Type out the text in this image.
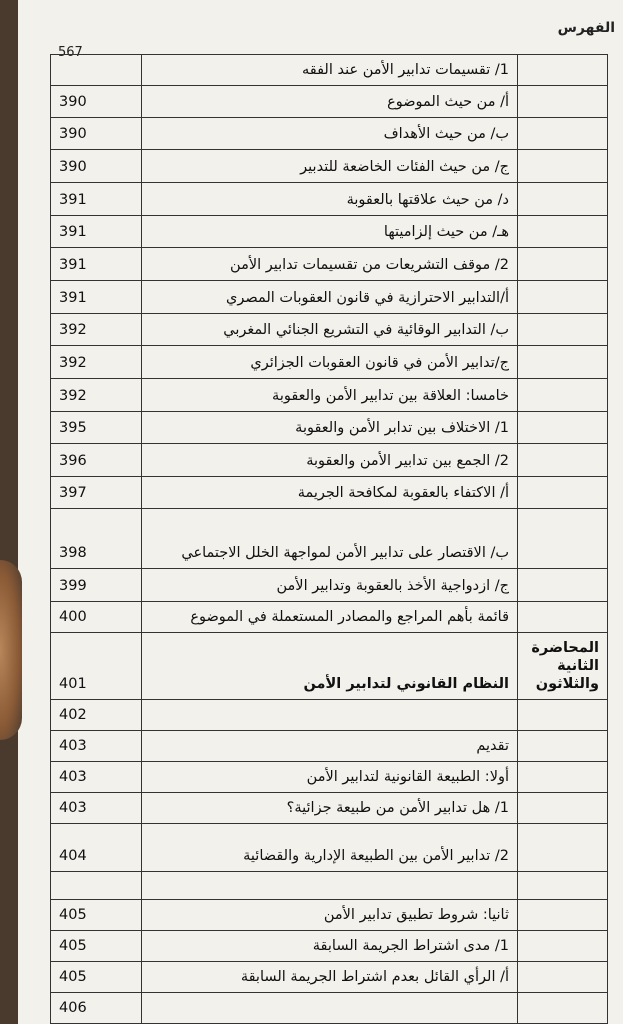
الفهرس
567
	1/ تقسيمات تدابير الأمن عند الفقه	
	أ/ من حيث الموضوع	390
	ب/ من حيث الأهداف	390
	ج/ من حيث الفئات الخاضعة للتدبير	390
	د/ من حيث علاقتها بالعقوبة	391
	هـ/ من حيث إلزاميتها	391
	2/ موقف التشريعات من تقسيمات تدابير الأمن	391
	أ/التدابير الاحترازية في قانون العقوبات المصري	391
	ب/ التدابير الوقائية في التشريع الجنائي المغربي	392
	ج/تدابير الأمن في قانون العقوبات الجزائري	392
	خامسا: العلاقة بين تدابير الأمن والعقوبة	392
	1/ الاختلاف بين تدابر الأمن والعقوبة	395
	2/ الجمع بين تدابير الأمن والعقوبة	396
	أ/ الاكتفاء بالعقوبة لمكافحة الجريمة	397
	ب/ الاقتصار على تدابير الأمن لمواجهة الخلل الاجتماعي	398
	ج/ ازدواجية الأخذ بالعقوبة وتدابير الأمن	399
	قائمة بأهم المراجع والمصادر المستعملة في الموضوع	400
المحاضرة الثانية والثلاثون	النظام القانوني لتدابير الأمن	401
		402
	تقديم	403
	أولا: الطبيعة القانونية لتدابير الأمن	403
	1/ هل تدابير الأمن من طبيعة جزائية؟	403
	2/ تدابير الأمن بين الطبيعة الإدارية والقضائية	404

	ثانيا: شروط تطبيق تدابير الأمن	405
	1/ مدى اشتراط الجريمة السابقة	405
	أ/ الرأي القائل بعدم اشتراط الجريمة السابقة	405
		406
